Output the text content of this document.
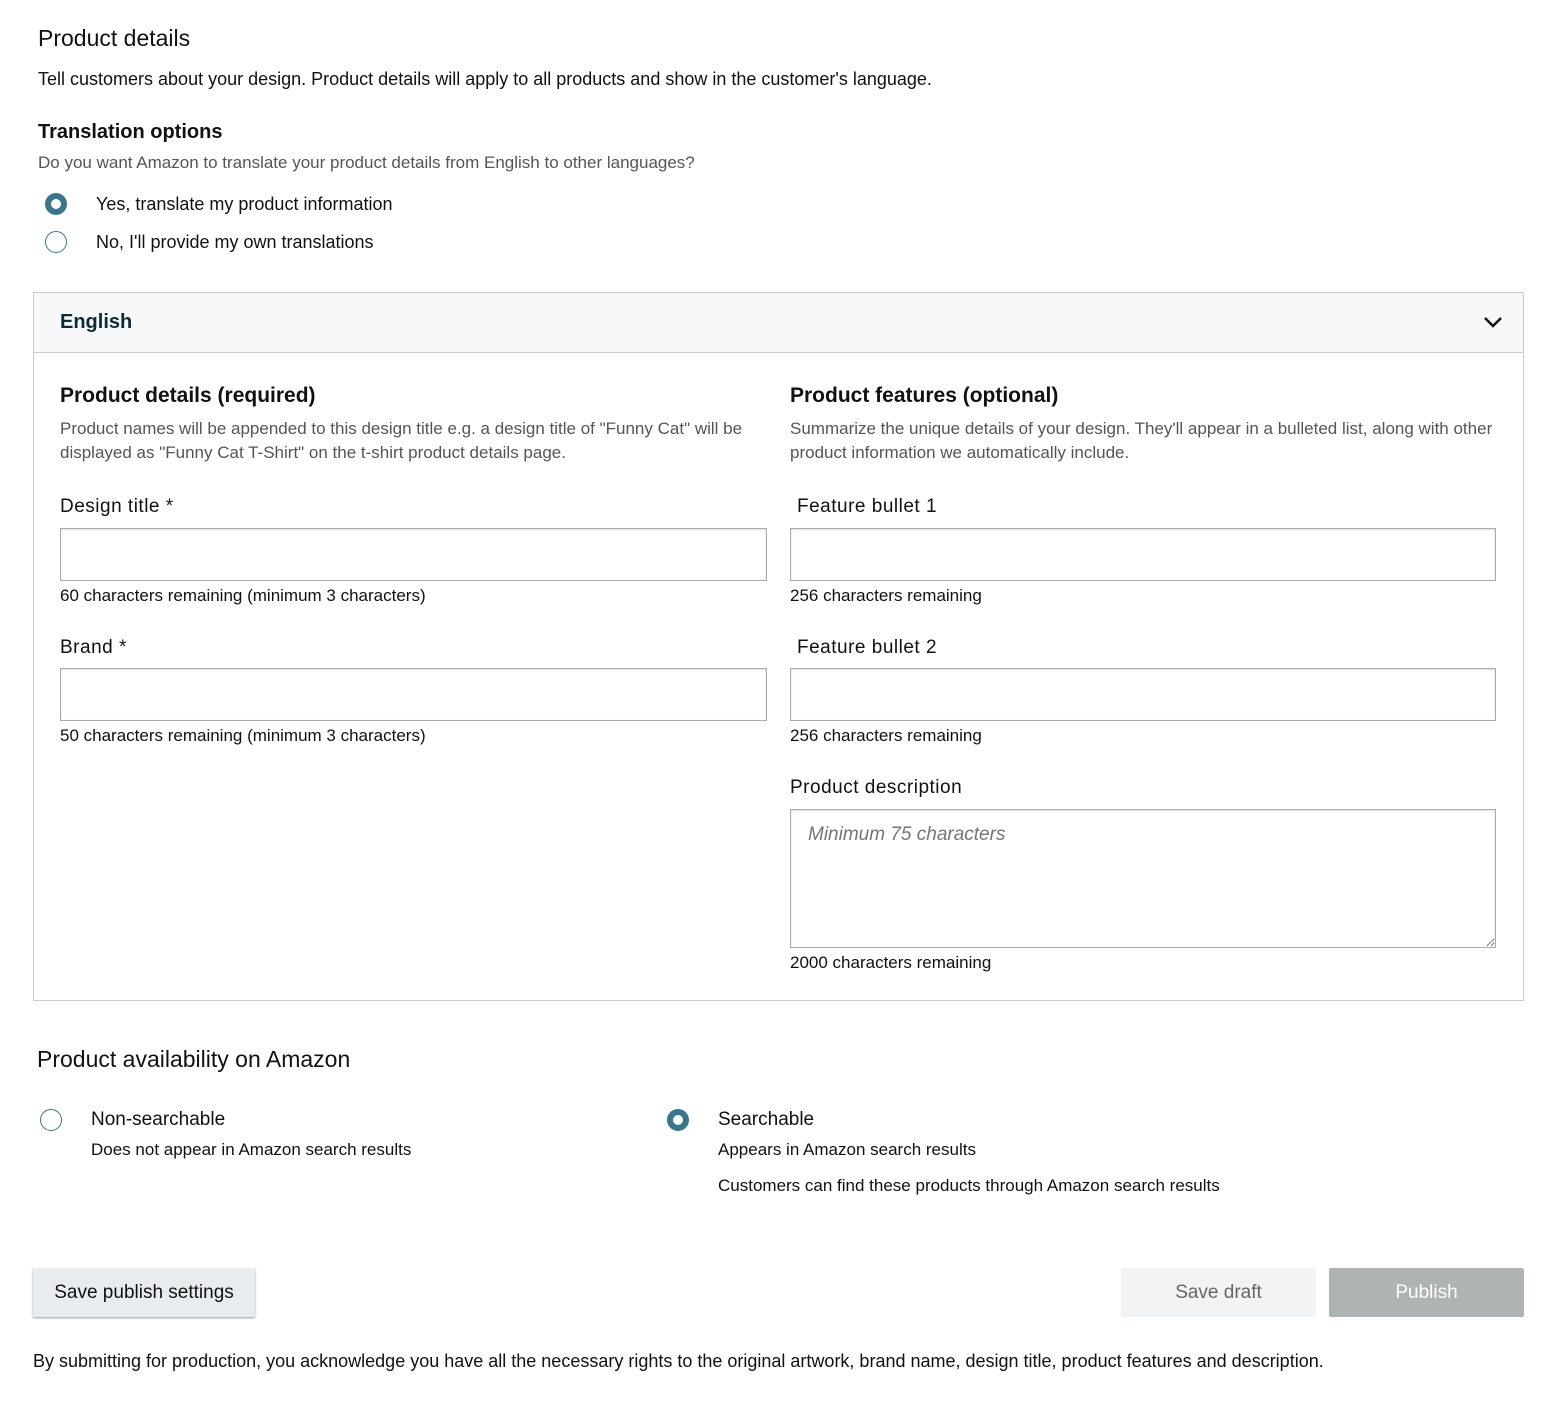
Product details
Tell customers about your design. Product details will apply to all products and show in the customer's language.
Translation options
Do you want Amazon to translate your product details from English to other languages?
Yes, translate my product information
No, I'll provide my own translations
English
Product details (required)
Product names will be appended to this design title e.g. a design title of "Funny Cat" will be displayed as "Funny Cat T-Shirt" on the t-shirt product details page.
Design title *
60 characters remaining (minimum 3 characters)
Brand *
50 characters remaining (minimum 3 characters)
Product features (optional)
Summarize the unique details of your design. They'll appear in a bulleted list, along with other product information we automatically include.
Feature bullet 1
256 characters remaining
Feature bullet 2
256 characters remaining
Product description
Minimum 75 characters
2000 characters remaining
Product availability on Amazon
Non-searchable
Does not appear in Amazon search results
Searchable
Appears in Amazon search results
Customers can find these products through Amazon search results
Save publish settings	Save draft	Publish
By submitting for production, you acknowledge you have all the necessary rights to the original artwork, brand name, design title, product features and description.
